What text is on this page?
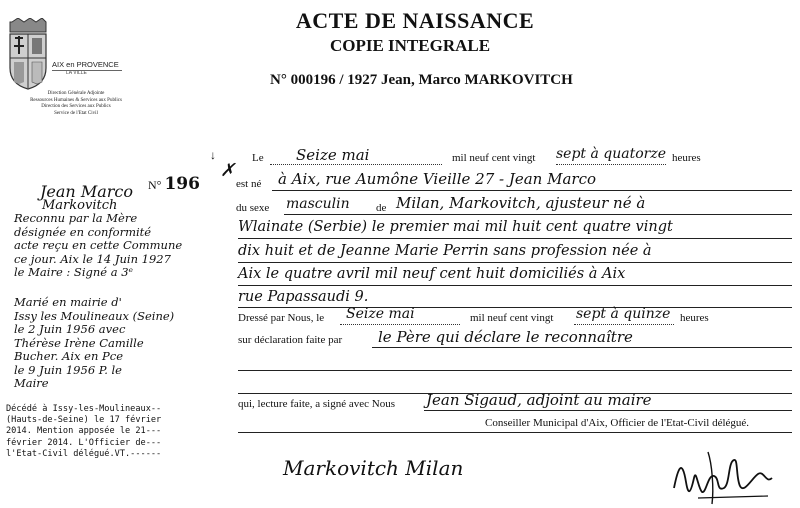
AIX en PROVENCE
LA VILLE
Direction Générale Adjointe
Ressources Humaines & Services aux Publics
Direction des Services aux Publics
Service de l'Etat Civil
ACTE DE NAISSANCE
COPIE INTEGRALE
N° 000196 / 1927 Jean, Marco MARKOVITCH
N° 196
✗
↓
Jean Marco
Markovitch
Reconnu par la Mère
désignée en conformité
acte reçu en cette Commune
ce jour. Aix le 14 Juin 1927
le Maire : Signé a 3ᵉ
Marié en mairie d'
Issy les Moulineaux (Seine)
le 2 Juin 1956 avec
Thérèse Irène Camille
Bucher. Aix en Pce
le 9 Juin 1956 P. le
Maire
Décédé à Issy-les-Moulineaux--
(Hauts-de-Seine) le 17 février
2014. Mention apposée le 21---
février 2014. L'Officier de---
l'Etat-Civil délégué.VT.------
Le Seize mai	mil neuf cent vingt sept à quatorze heures
est né à Aix, rue Aumône Vieille 27 - Jean Marco
du sexe masculin de Milan, Markovitch, ajusteur né à
Wlainate (Serbie) le premier mai mil huit cent quatre vingt
dix huit et de Jeanne Marie Perrin sans profession née à
Aix le quatre avril mil neuf cent huit domiciliés à Aix
rue Papassaudi 9.
Dressé par Nous, le Seize mai	mil neuf cent vingt sept à quinze heures
sur déclaration faite par le Père qui déclare le reconnaître
qui, lecture faite, a signé avec Nous Jean Sigaud, adjoint au maire
Conseiller Municipal d'Aix, Officier de l'Etat-Civil délégué.
Markovitch Milan
